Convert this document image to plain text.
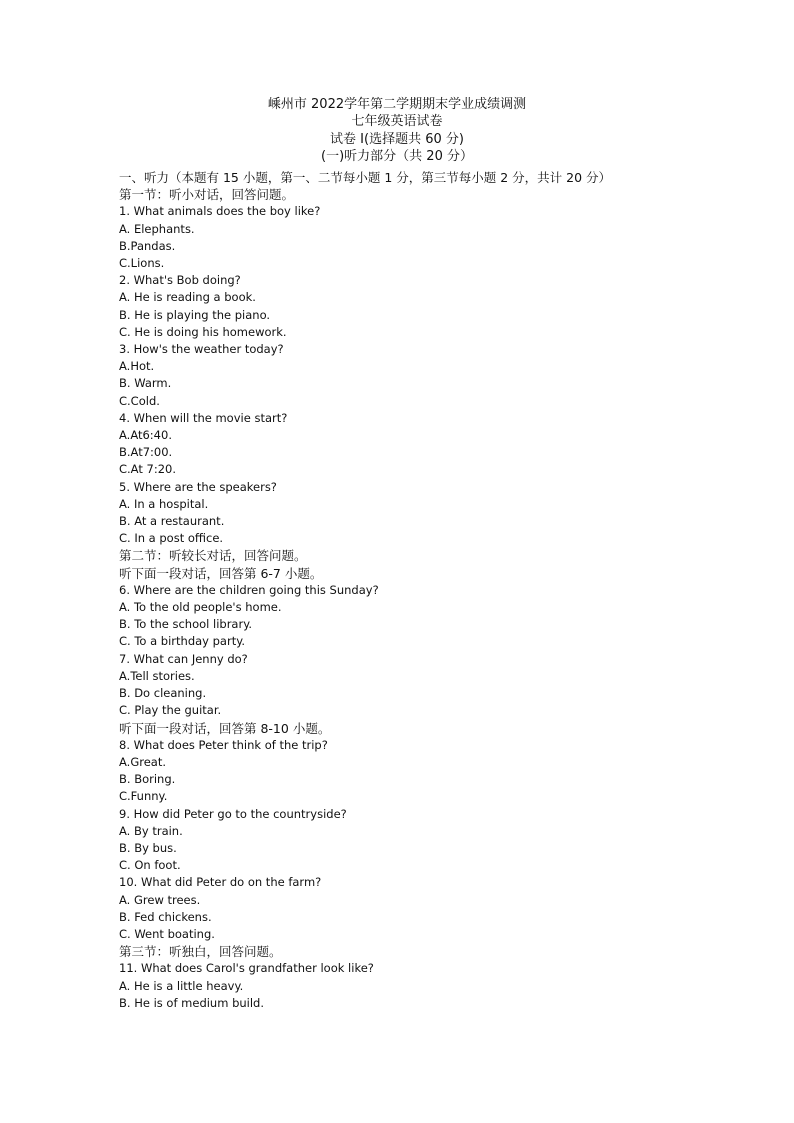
嵊州市 2022学年第二学期期末学业成绩调测
七年级英语试卷
试卷 I(选择题共 60 分)
(一)听力部分（共 20 分）
一、听力（本题有 15 小题，第一、二节每小题 1 分，第三节每小题 2 分，共计 20 分）
第一节：听小对话，回答问题。
1. What animals does the boy like?
A. Elephants.
B.Pandas.
C.Lions.
2. What's Bob doing?
A. He is reading a book.
B. He is playing the piano.
C. He is doing his homework.
3. How's the weather today?
A.Hot.
B. Warm.
C.Cold.
4. When will the movie start?
A.At6:40.
B.At7:00.
C.At 7:20.
5. Where are the speakers?
A. In a hospital.
B. At a restaurant.
C. In a post office.
第二节：听较长对话，回答问题。
听下面一段对话，回答第 6-7 小题。
6. Where are the children going this Sunday?
A. To the old people's home.
B. To the school library.
C. To a birthday party.
7. What can Jenny do?
A.Tell stories.
B. Do cleaning.
C. Play the guitar.
听下面一段对话，回答第 8-10 小题。
8. What does Peter think of the trip?
A.Great.
B. Boring.
C.Funny.
9. How did Peter go to the countryside?
A. By train.
B. By bus.
C. On foot.
10. What did Peter do on the farm?
A. Grew trees.
B. Fed chickens.
C. Went boating.
第三节：听独白，回答问题。
11. What does Carol's grandfather look like?
A. He is a little heavy.
B. He is of medium build.
